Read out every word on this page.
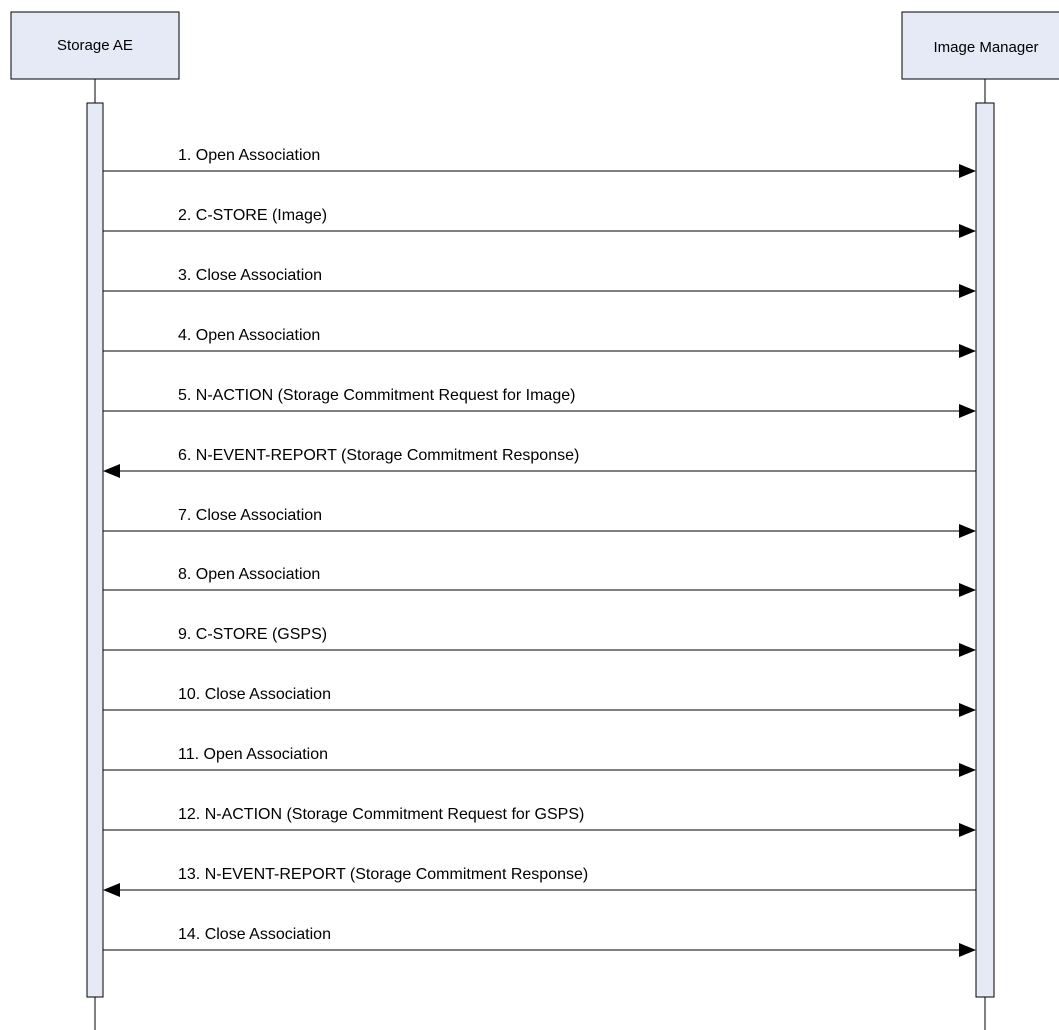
Storage AE	Image Manager
1. Open Association
2. C-STORE (Image)
3. Close Association
4. Open Association
5. N-ACTION (Storage Commitment Request for Image)
6. N-EVENT-REPORT (Storage Commitment Response)
7. Close Association
8. Open Association
9. C-STORE (GSPS)
10. Close Association
11. Open Association
12. N-ACTION (Storage Commitment Request for GSPS)
13. N-EVENT-REPORT (Storage Commitment Response)
14. Close Association
